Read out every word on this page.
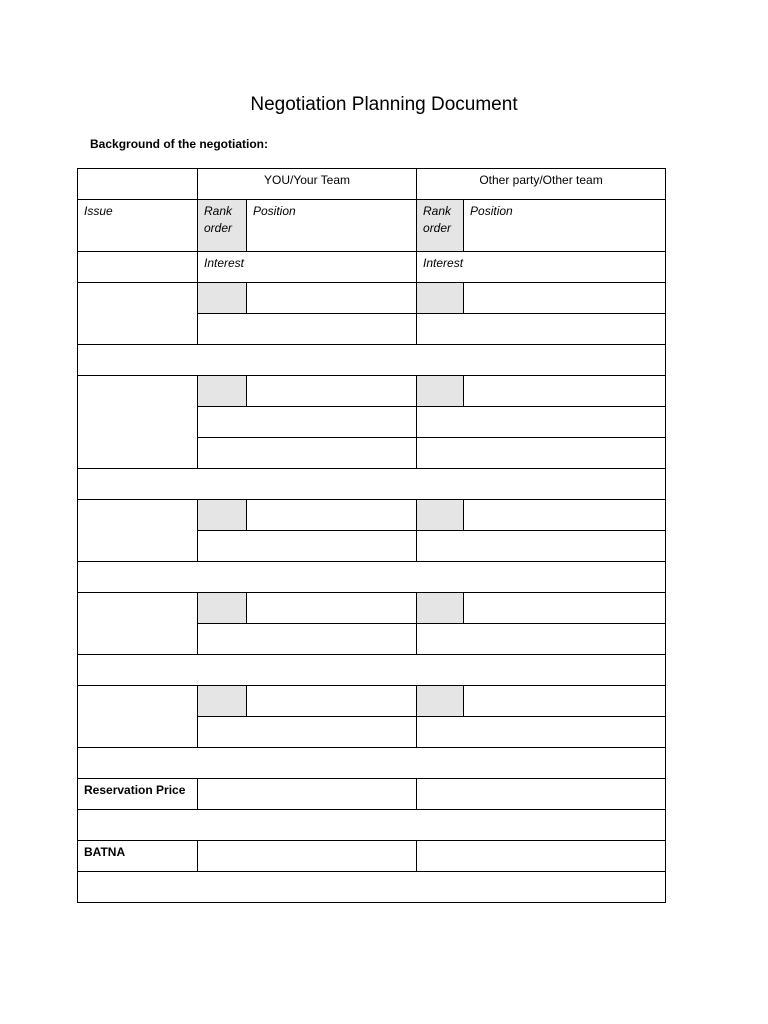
Negotiation Planning Document
Background of the negotiation:
	YOU/Your Team		Other party/Other team	
Issue	Rank order	Position	Rank order	Position
	Interest		Interest	

Reservation Price				

BATNA				
